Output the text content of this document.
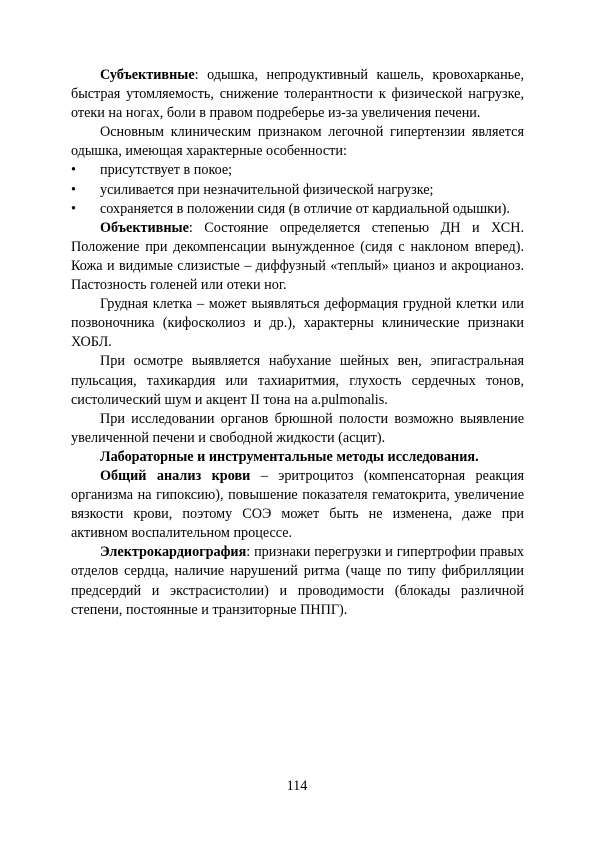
Субъективные: одышка, непродуктивный кашель, кровохарканье, быстрая утомляемость, снижение толерантности к физической нагрузке, отеки на ногах, боли в правом подреберье из-за увеличения печени.

Основным клиническим признаком легочной гипертензии является одышка, имеющая характерные особенности:

•	присутствует в покое;
•	усиливается при незначительной физической нагрузке;
•	сохраняется в положении сидя (в отличие от кардиальной одышки).

Объективные: Состояние определяется степенью ДН и ХСН. Положение при декомпенсации вынужденное (сидя с наклоном вперед). Кожа и видимые слизистые – диффузный «теплый» цианоз и акроцианоз. Пастозность голеней или отеки ног.

Грудная клетка – может выявляться деформация грудной клетки или позвоночника (кифосколиоз и др.), характерны клинические признаки ХОБЛ.

При осмотре выявляется набухание шейных вен, эпигастральная пульсация, тахикардия или тахиаритмия, глухость сердечных тонов, систолический шум и акцент II тона на a.pulmonalis.

При исследовании органов брюшной полости возможно выявление увеличенной печени и свободной жидкости (асцит).

Лабораторные и инструментальные методы исследования.

Общий анализ крови – эритроцитоз (компенсаторная реакция организма на гипоксию), повышение показателя гематокрита, увеличение вязкости крови, поэтому СОЭ может быть не изменена, даже при активном воспалительном процессе.

Электрокардиография: признаки перегрузки и гипертрофии правых отделов сердца, наличие нарушений ритма (чаще по типу фибрилляции предсердий и экстрасистолии) и проводимости (блокады различной степени, постоянные и транзиторные ПНПГ).

114
